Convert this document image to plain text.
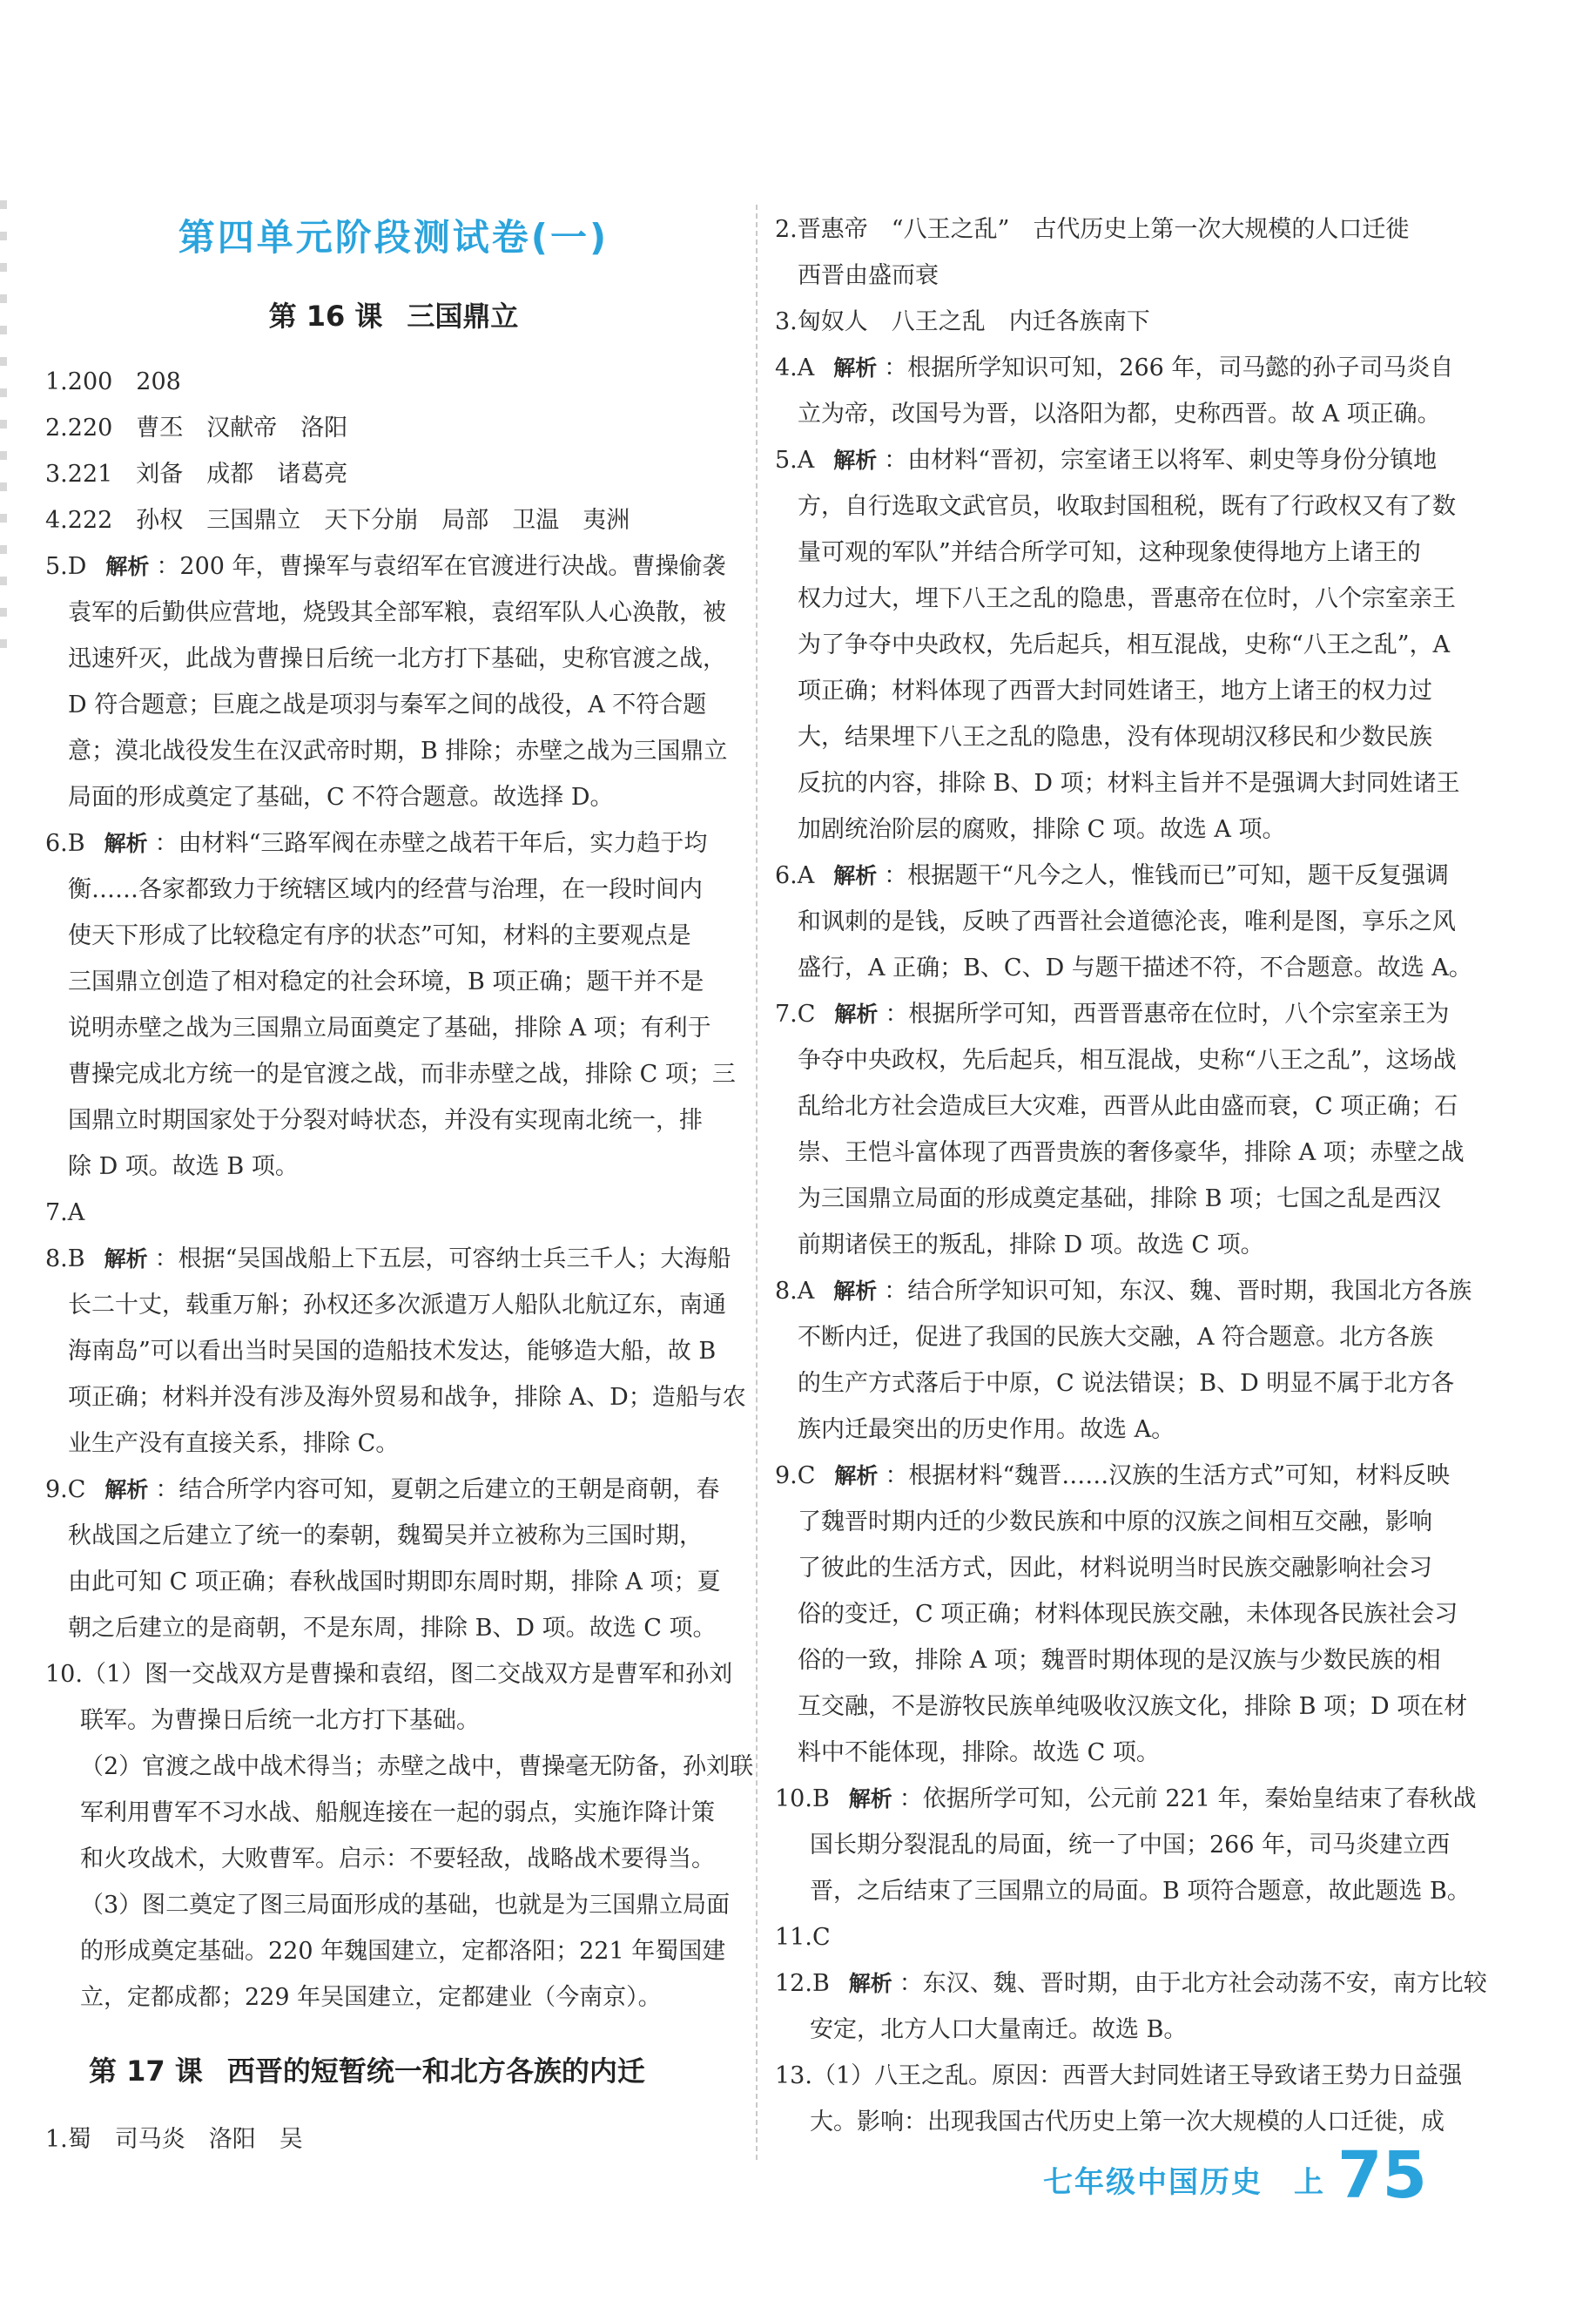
第四单元阶段测试卷(一)
第 16 课 三国鼎立
1.200　208
2.220　曹丕　汉献帝　洛阳
3.221　刘备　成都　诸葛亮
4.222　孙权　三国鼎立　天下分崩　局部　卫温　夷洲
5.D 解析 ：200 年，曹操军与袁绍军在官渡进行决战。曹操偷袭
袁军的后勤供应营地，烧毁其全部军粮，袁绍军队人心涣散，被
迅速歼灭，此战为曹操日后统一北方打下基础，史称官渡之战，
D 符合题意；巨鹿之战是项羽与秦军之间的战役，A 不符合题
意；漠北战役发生在汉武帝时期，B 排除；赤壁之战为三国鼎立
局面的形成奠定了基础，C 不符合题意。故选择 D。
6.B 解析 ：由材料“三路军阀在赤壁之战若干年后，实力趋于均
衡……各家都致力于统辖区域内的经营与治理，在一段时间内
使天下形成了比较稳定有序的状态”可知，材料的主要观点是
三国鼎立创造了相对稳定的社会环境，B 项正确；题干并不是
说明赤壁之战为三国鼎立局面奠定了基础，排除 A 项；有利于
曹操完成北方统一的是官渡之战，而非赤壁之战，排除 C 项；三
国鼎立时期国家处于分裂对峙状态，并没有实现南北统一，排
除 D 项。故选 B 项。
7.A
8.B 解析 ：根据“吴国战船上下五层，可容纳士兵三千人；大海船
长二十丈，载重万斛；孙权还多次派遣万人船队北航辽东，南通
海南岛”可以看出当时吴国的造船技术发达，能够造大船，故 B
项正确；材料并没有涉及海外贸易和战争，排除 A、D；造船与农
业生产没有直接关系，排除 C。
9.C 解析 ：结合所学内容可知，夏朝之后建立的王朝是商朝，春
秋战国之后建立了统一的秦朝，魏蜀吴并立被称为三国时期，
由此可知 C 项正确；春秋战国时期即东周时期，排除 A 项；夏
朝之后建立的是商朝，不是东周，排除 B、D 项。故选 C 项。
10.（1）图一交战双方是曹操和袁绍，图二交战双方是曹军和孙刘
联军。为曹操日后统一北方打下基础。
（2）官渡之战中战术得当；赤壁之战中，曹操毫无防备，孙刘联
军利用曹军不习水战、船舰连接在一起的弱点，实施诈降计策
和火攻战术，大败曹军。启示：不要轻敌，战略战术要得当。
（3）图二奠定了图三局面形成的基础，也就是为三国鼎立局面
的形成奠定基础。220 年魏国建立，定都洛阳；221 年蜀国建
立，定都成都；229 年吴国建立，定都建业（今南京）。
第 17 课 西晋的短暂统一和北方各族的内迁
1.蜀　司马炎　洛阳　吴
2.晋惠帝　“八王之乱”　古代历史上第一次大规模的人口迁徙
西晋由盛而衰
3.匈奴人　八王之乱　内迁各族南下
4.A 解析 ：根据所学知识可知，266 年，司马懿的孙子司马炎自
立为帝，改国号为晋，以洛阳为都，史称西晋。故 A 项正确。
5.A 解析 ：由材料“晋初，宗室诸王以将军、刺史等身份分镇地
方，自行选取文武官员，收取封国租税，既有了行政权又有了数
量可观的军队”并结合所学可知，这种现象使得地方上诸王的
权力过大，埋下八王之乱的隐患，晋惠帝在位时，八个宗室亲王
为了争夺中央政权，先后起兵，相互混战，史称“八王之乱”，A
项正确；材料体现了西晋大封同姓诸王，地方上诸王的权力过
大，结果埋下八王之乱的隐患，没有体现胡汉移民和少数民族
反抗的内容，排除 B、D 项；材料主旨并不是强调大封同姓诸王
加剧统治阶层的腐败，排除 C 项。故选 A 项。
6.A 解析 ：根据题干“凡今之人，惟钱而已”可知，题干反复强调
和讽刺的是钱，反映了西晋社会道德沦丧，唯利是图，享乐之风
盛行，A 正确；B、C、D 与题干描述不符，不合题意。故选 A。
7.C 解析 ：根据所学可知，西晋晋惠帝在位时，八个宗室亲王为
争夺中央政权，先后起兵，相互混战，史称“八王之乱”，这场战
乱给北方社会造成巨大灾难，西晋从此由盛而衰，C 项正确；石
崇、王恺斗富体现了西晋贵族的奢侈豪华，排除 A 项；赤壁之战
为三国鼎立局面的形成奠定基础，排除 B 项；七国之乱是西汉
前期诸侯王的叛乱，排除 D 项。故选 C 项。
8.A 解析 ：结合所学知识可知，东汉、魏、晋时期，我国北方各族
不断内迁，促进了我国的民族大交融，A 符合题意。北方各族
的生产方式落后于中原，C 说法错误；B、D 明显不属于北方各
族内迁最突出的历史作用。故选 A。
9.C 解析 ：根据材料“魏晋……汉族的生活方式”可知，材料反映
了魏晋时期内迁的少数民族和中原的汉族之间相互交融，影响
了彼此的生活方式，因此，材料说明当时民族交融影响社会习
俗的变迁，C 项正确；材料体现民族交融，未体现各民族社会习
俗的一致，排除 A 项；魏晋时期体现的是汉族与少数民族的相
互交融，不是游牧民族单纯吸收汉族文化，排除 B 项；D 项在材
料中不能体现，排除。故选 C 项。
10.B 解析 ：依据所学可知，公元前 221 年，秦始皇结束了春秋战
国长期分裂混乱的局面，统一了中国；266 年，司马炎建立西
晋，之后结束了三国鼎立的局面。B 项符合题意，故此题选 B。
11.C
12.B 解析 ：东汉、魏、晋时期，由于北方社会动荡不安，南方比较
安定，北方人口大量南迁。故选 B。
13.（1）八王之乱。原因：西晋大封同姓诸王导致诸王势力日益强
大。影响：出现我国古代历史上第一次大规模的人口迁徙，成
七年级中国历史　上 75
